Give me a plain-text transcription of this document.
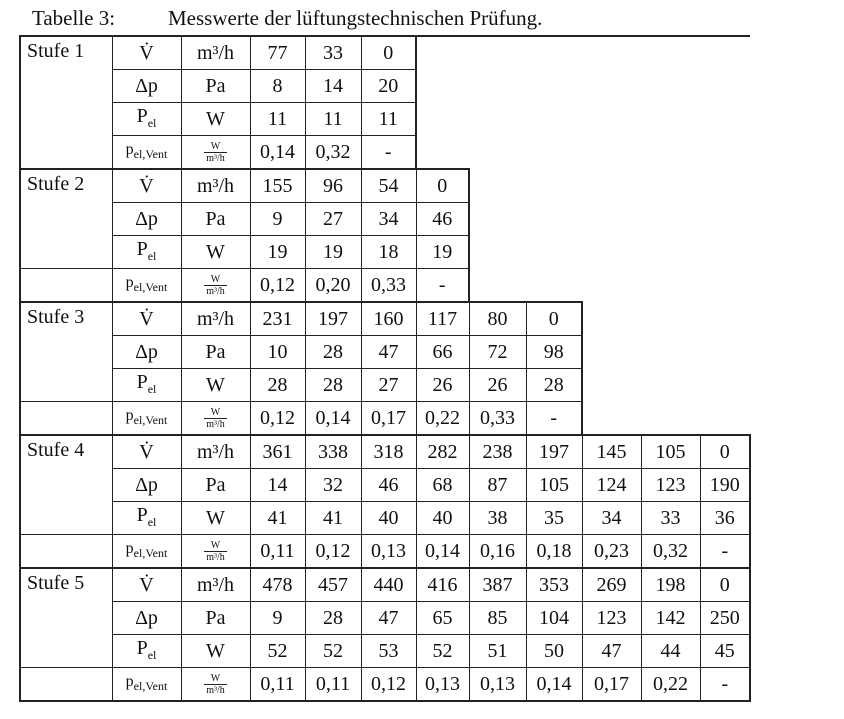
Tabelle 3:	Messwerte der lüftungstechnischen Prüfung.
Stufe 1	V̇	m³/h	77	33	0						
	Δp	Pa	8	14	20						
	$P_{el}$	W	11	11	11						
	$p_{el,Vent}$	$\frac{W}{\text{m³/h}}$	0,14	0,32	-						
Stufe 2	V̇	m³/h	155	96	54	0					
	Δp	Pa	9	27	34	46					
	$P_{el}$	W	19	19	18	19					
	$p_{el,Vent}$	$\frac{W}{\text{m³/h}}$	0,12	0,20	0,33	-					
Stufe 3	V̇	m³/h	231	197	160	117	80	0			
	Δp	Pa	10	28	47	66	72	98			
	$P_{el}$	W	28	28	27	26	26	28			
	$p_{el,Vent}$	$\frac{W}{\text{m³/h}}$	0,12	0,14	0,17	0,22	0,33	-			
Stufe 4	V̇	m³/h	361	338	318	282	238	197	145	105	0
	Δp	Pa	14	32	46	68	87	105	124	123	190
	$P_{el}$	W	41	41	40	40	38	35	34	33	36
	$p_{el,Vent}$	$\frac{W}{\text{m³/h}}$	0,11	0,12	0,13	0,14	0,16	0,18	0,23	0,32	-
Stufe 5	V̇	m³/h	478	457	440	416	387	353	269	198	0
	Δp	Pa	9	28	47	65	85	104	123	142	250
	$P_{el}$	W	52	52	53	52	51	50	47	44	45
	$p_{el,Vent}$	$\frac{W}{\text{m³/h}}$	0,11	0,11	0,12	0,13	0,13	0,14	0,17	0,22	-
